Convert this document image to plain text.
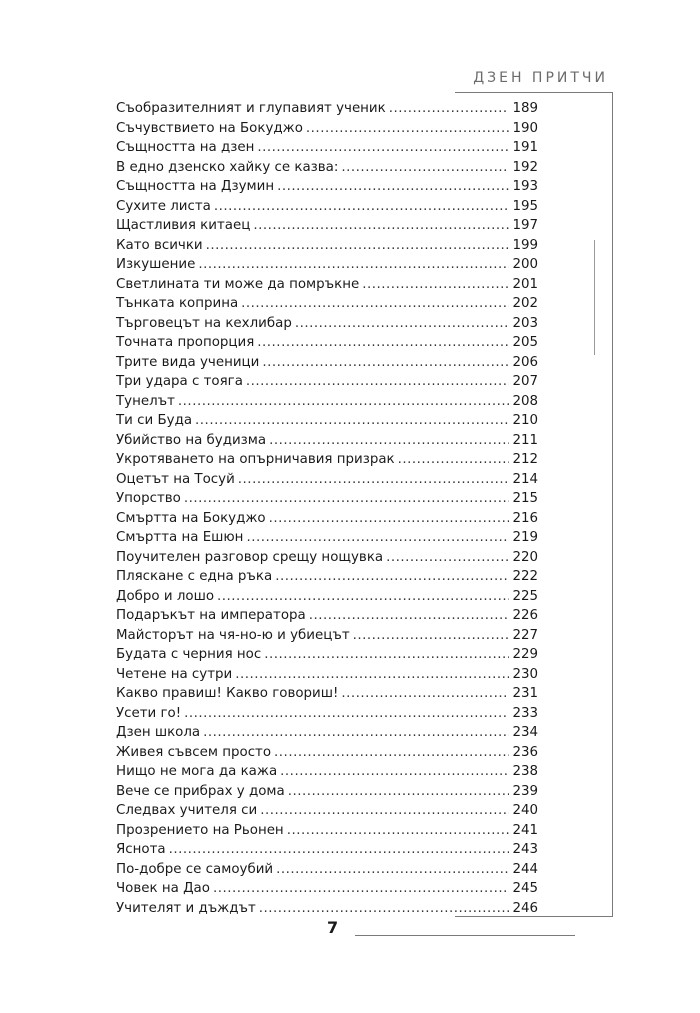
ДЗЕН ПРИТЧИ
7
Съобразителният и глупавият ученик .....	189
Съчувствието на Бокуджо .....	190
Същността на дзен .....	191
В едно дзенско хайку се казва: .....	192
Същността на Дзумин .....	193
Сухите листа .....	195
Щастливия китаец .....	197
Като всички .....	199
Изкушение .....	200
Светлината ти може да помръкне .....	201
Тънката коприна .....	202
Търговецът на кехлибар .....	203
Точната пропорция .....	205
Трите вида ученици .....	206
Три удара с тояга .....	207
Тунелът .....	208
Ти си Буда .....	210
Убийство на будизма .....	211
Укротяването на опърничавия призрак .....	212
Оцетът на Тосуй .....	214
Упорство .....	215
Смъртта на Бокуджо .....	216
Смъртта на Ешюн .....	219
Поучителен разговор срещу нощувка .....	220
Пляскане с една ръка .....	222
Добро и лошо .....	225
Подаръкът на императора .....	226
Майсторът на чя-но-ю и убиецът .....	227
Будата с черния нос .....	229
Четене на сутри .....	230
Какво правиш! Какво говориш! .....	231
Усети го! .....	233
Дзен школа .....	234
Живея съвсем просто .....	236
Нищо не мога да кажа .....	238
Вече се прибрах у дома .....	239
Следвах учителя си .....	240
Прозрението на Рьонен .....	241
Яснота .....	243
По-добре се самоубий .....	244
Човек на Дао .....	245
Учителят и дъждът .....	246
